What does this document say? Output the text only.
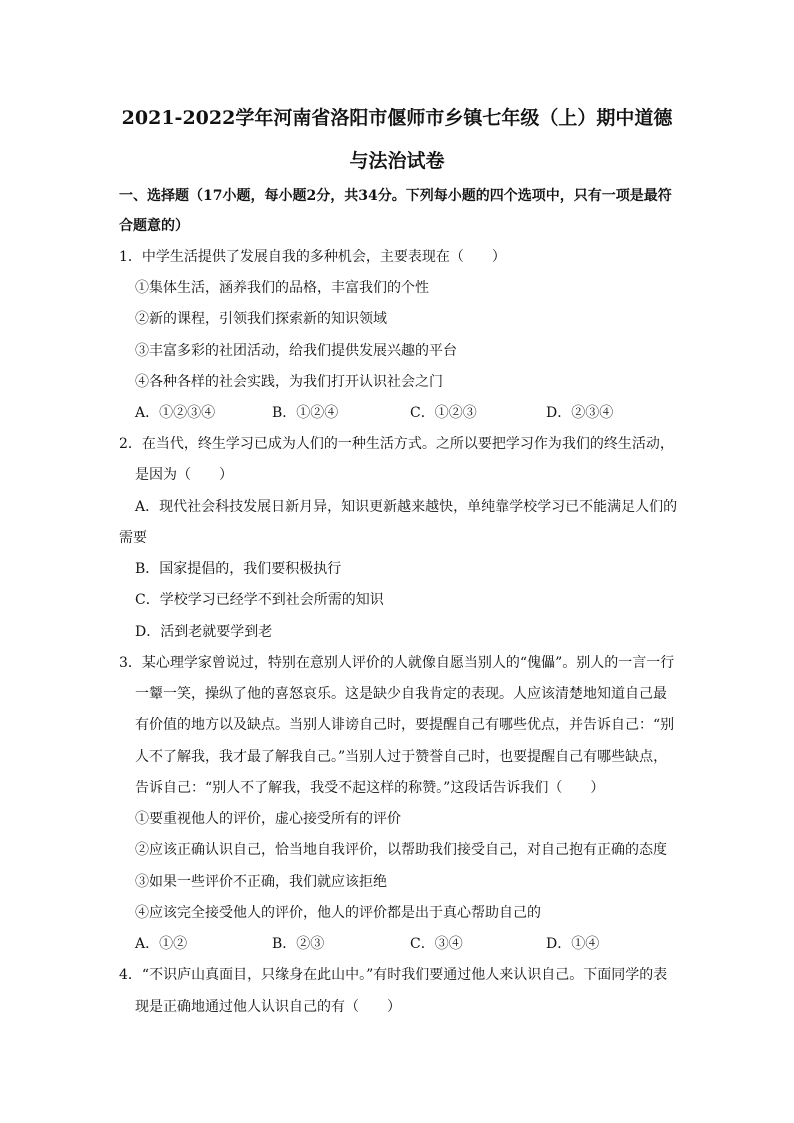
2021-2022学年河南省洛阳市偃师市乡镇七年级（上）期中道德
与法治试卷
一、选择题（17小题，每小题2分，共34分。下列每小题的四个选项中，只有一项是最符
合题意的）
1．中学生活提供了发展自我的多种机会，主要表现在（　　）
①集体生活，涵养我们的品格，丰富我们的个性
②新的课程，引领我们探索新的知识领域
③丰富多彩的社团活动，给我们提供发展兴趣的平台
④各种各样的社会实践，为我们打开认识社会之门
A．①②③④	B．①②④	C．①②③	D．②③④
2．在当代，终生学习已成为人们的一种生活方式。之所以要把学习作为我们的终生活动，
是因为（　　）
A．现代社会科技发展日新月异，知识更新越来越快，单纯靠学校学习已不能满足人们的
需要
B．国家提倡的，我们要积极执行
C．学校学习已经学不到社会所需的知识
D．活到老就要学到老
3．某心理学家曾说过，特别在意别人评价的人就像自愿当别人的“傀儡”。别人的一言一行
一颦一笑，操纵了他的喜怒哀乐。这是缺少自我肯定的表现。人应该清楚地知道自己最
有价值的地方以及缺点。当别人诽谤自己时，要提醒自己有哪些优点，并告诉自己：“别
人不了解我，我才最了解我自己。”当别人过于赞誉自己时，也要提醒自己有哪些缺点，
告诉自己：“别人不了解我，我受不起这样的称赞。”这段话告诉我们（　　）
①要重视他人的评价，虚心接受所有的评价
②应该正确认识自己，恰当地自我评价，以帮助我们接受自己，对自己抱有正确的态度
③如果一些评价不正确，我们就应该拒绝
④应该完全接受他人的评价，他人的评价都是出于真心帮助自己的
A．①②	B．②③	C．③④	D．①④
4．“不识庐山真面目，只缘身在此山中。”有时我们要通过他人来认识自己。下面同学的表
现是正确地通过他人认识自己的有（　　）
